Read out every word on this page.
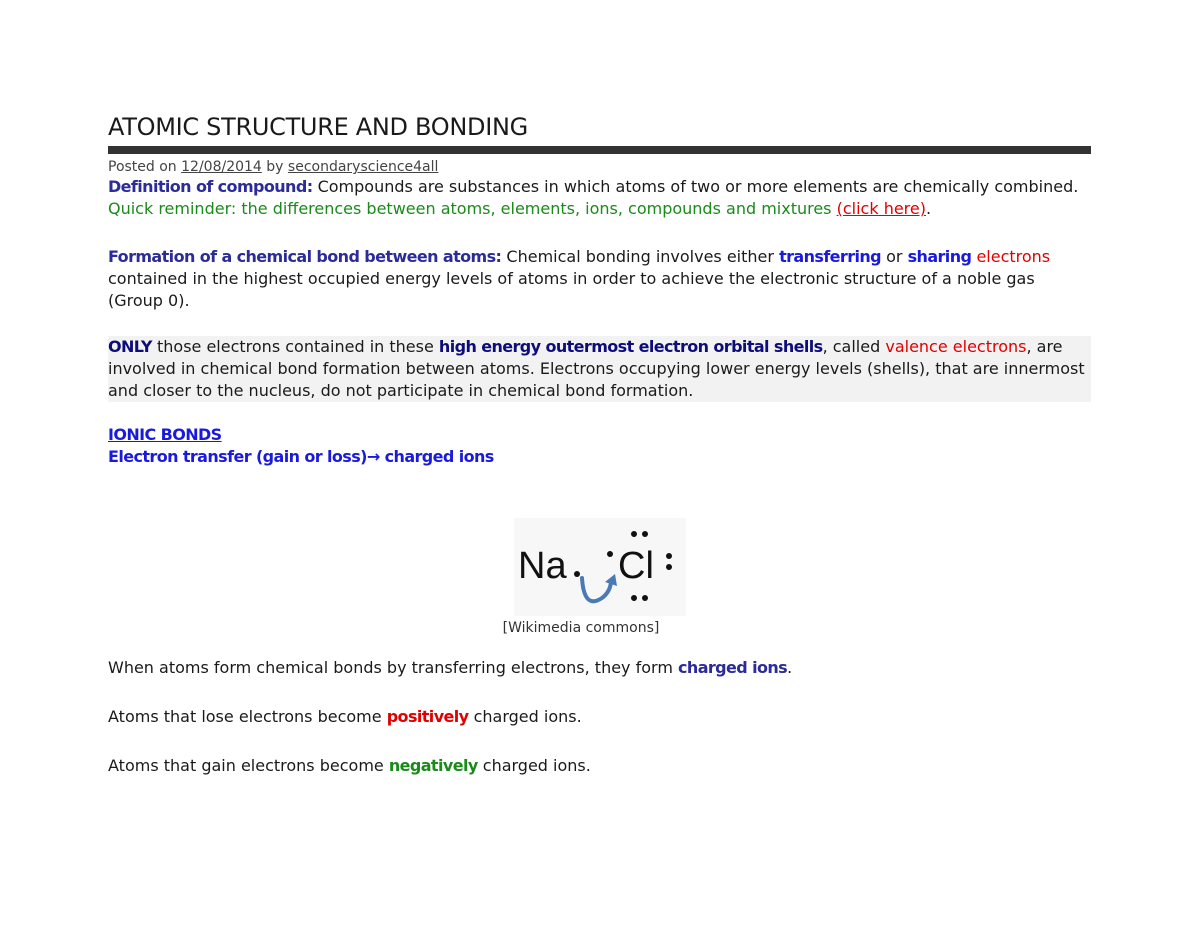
ATOMIC STRUCTURE AND BONDING
Posted on 12/08/2014 by secondaryscience4all

Definition of compound: Compounds are substances in which atoms of two or more elements are chemically combined. Quick reminder: the differences between atoms, elements, ions, compounds and mixtures (click here).

Formation of a chemical bond between atoms: Chemical bonding involves either transferring or sharing electrons contained in the highest occupied energy levels of atoms in order to achieve the electronic structure of a noble gas (Group 0).

ONLY those electrons contained in these high energy outermost electron orbital shells, called valence electrons, are involved in chemical bond formation between atoms. Electrons occupying lower energy levels (shells), that are innermost and closer to the nucleus, do not participate in chemical bond formation.

IONIC BONDS
Electron transfer (gain or loss)→ charged ions
Na Cl
[Wikimedia commons]

When atoms form chemical bonds by transferring electrons, they form charged ions.

Atoms that lose electrons become positively charged ions.

Atoms that gain electrons become negatively charged ions.
